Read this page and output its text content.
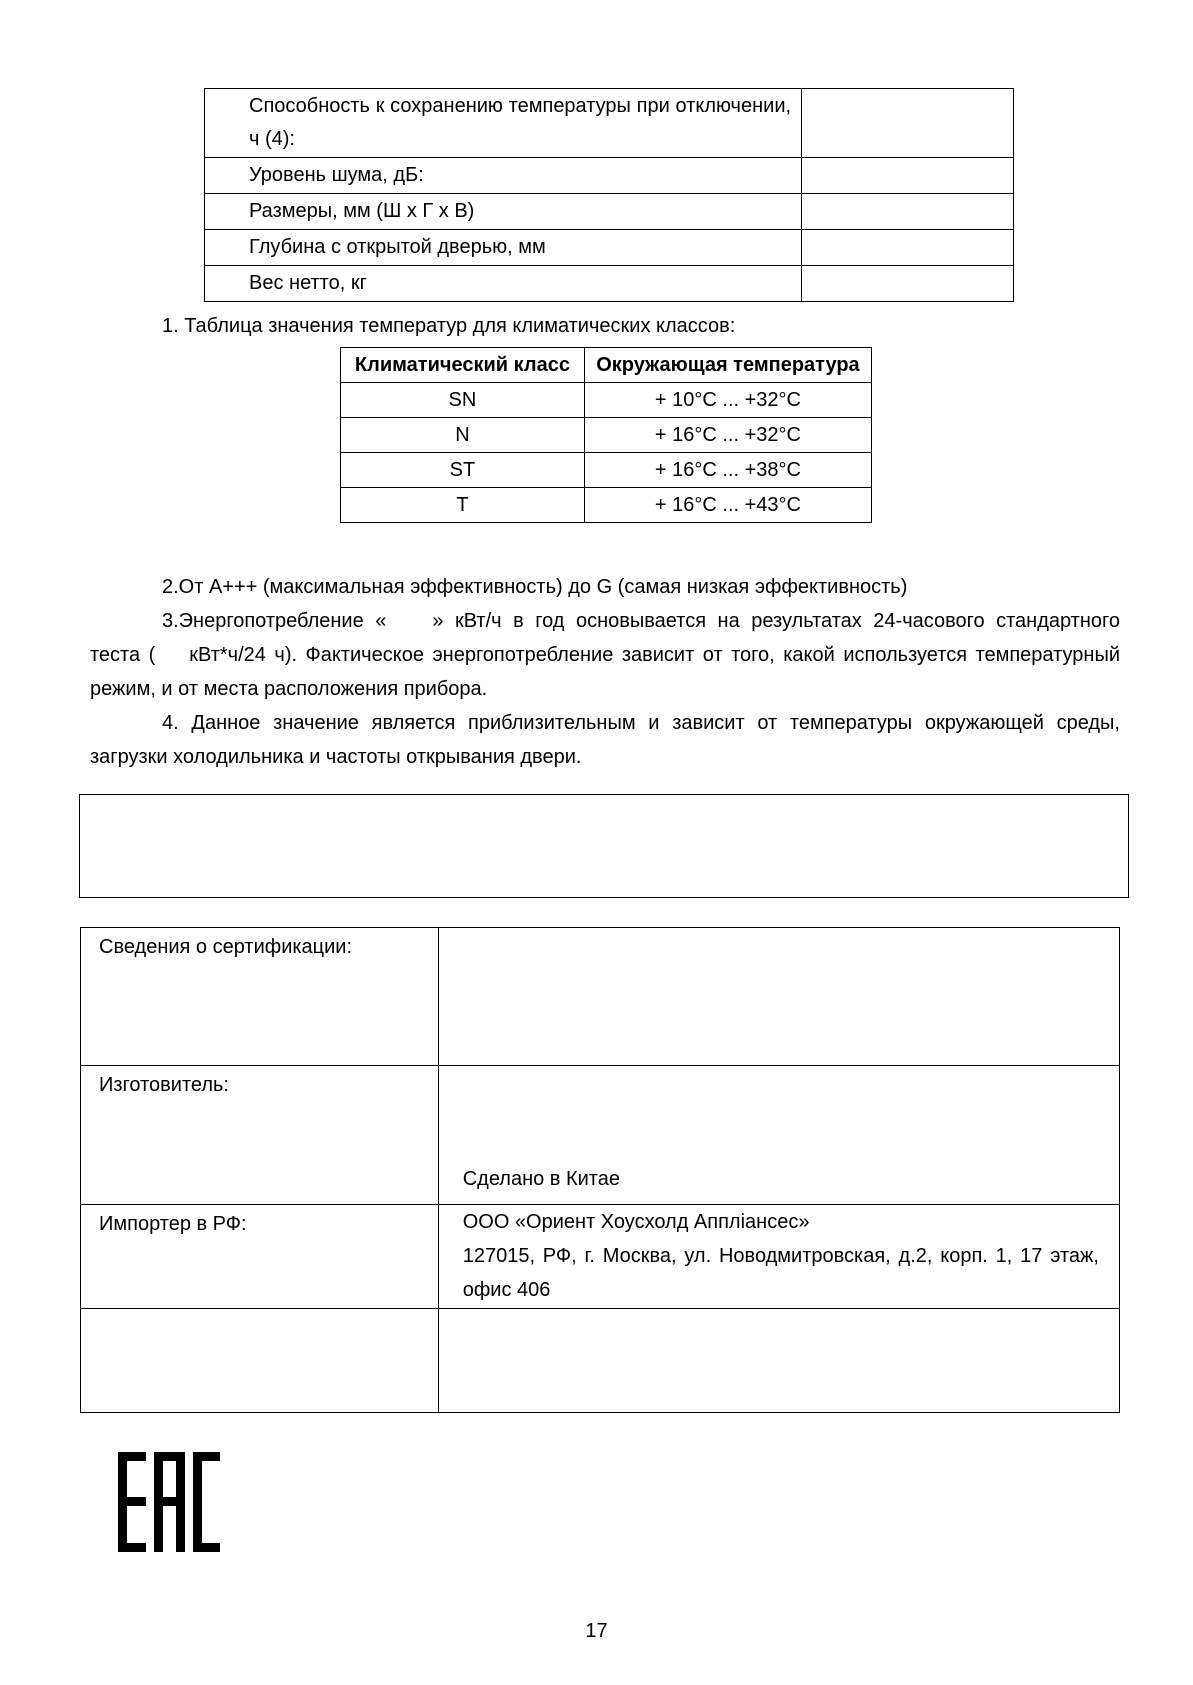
Способность к сохранению температуры при отключении, ч (4):	
Уровень шума, дБ:	
Размеры, мм (Ш х Г х В)	
Глубина с открытой дверью, мм	
Вес нетто, кг	
1. Таблица значения температур для климатических классов:
Климатический класс	Окружающая температура
SN	+ 10°C ... +32°C
N	+ 16°C ... +32°C
ST	+ 16°C ... +38°C
T	+ 16°C ... +43°C
2.От А+++ (максимальная эффективность) до G (самая низкая эффективность)
3.Энергопотребление « » кВт/ч в год основывается на результатах 24-часового стандартного теста ( кВт*ч/24 ч). Фактическое энергопотребление зависит от того, какой используется температурный режим, и от места расположения прибора.
4. Данное значение является приблизительным и зависит от температуры окружающей среды, загрузки холодильника и частоты открывания двери.
Сведения о сертификации:	
Изготовитель:	Сделано в Китае

Импортер в РФ:	ООО «Ориент Хоусхолд Аппліансес»
127015, РФ, г. Москва, ул. Новодмитровская, д.2, корп. 1, 17 этаж, офис 406

17
